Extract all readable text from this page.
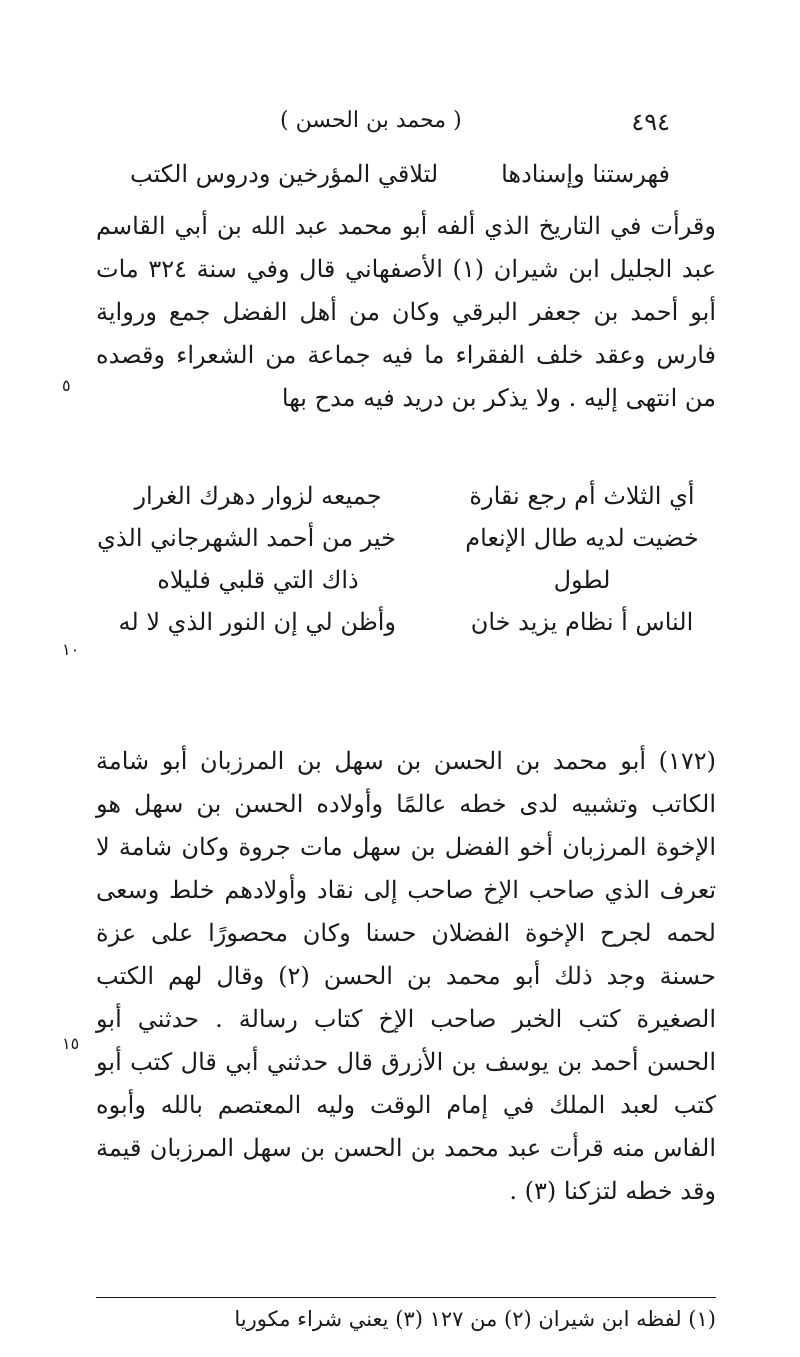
٤٩٤
( محمد بن الحسن )
فهرستنا وإسنادها
لتلاقي المؤرخين ودروس الكتب

وقرأت في التاريخ الذي ألفه أبو محمد عبد الله بن أبي القاسم عبد الجليل ابن شيران (١) الأصفهاني قال وفي سنة ٣٢٤ مات أبو أحمد بن جعفر البرقي وكان من أهل الفضل جمع ورواية فارس وعقد خلف الفقراء ما فيه جماعة من الشعراء وقصده من انتهى إليه . ولا يذكر بن دريد فيه مدح بها

٥
أي الثلاث أم رجع نقارة
جميعه لزوار دهرك الغرار
خضيت لديه طال الإنعام
خير من أحمد الشهرجاني الذي
لطول
ذاك التي قلبي فليلاه
الناس أ نظام يزيد خان
وأظن لي إن النور الذي لا له
١٠

(١٧٢) أبو محمد بن الحسن بن سهل بن المرزبان أبو شامة الكاتب وتشبيه لدى خطه عالمًا وأولاده الحسن بن سهل هو الإخوة المرزبان أخو الفضل بن سهل مات جروة وكان شامة لا تعرف الذي صاحب الإخ صاحب إلى نقاد وأولادهم خلط وسعى لحمه لجرح الإخوة الفضلان حسنا وكان محصورًا على عزة حسنة وجد ذلك أبو محمد بن الحسن (٢) وقال لهم الكتب الصغيرة كتب الخبر صاحب الإخ كتاب رسالة . حدثني أبو الحسن أحمد بن يوسف بن الأزرق قال حدثني أبي قال كتب أبو كتب لعبد الملك في إمام الوقت وليه المعتصم بالله وأبوه الفاس منه قرأت عبد محمد بن الحسن بن سهل المرزبان قيمة وقد خطه لتزكنا (٣) .

١٥
(١) لفظه ابن شيران (٢) من ١٢٧ (٣) يعني شراء مكوريا
